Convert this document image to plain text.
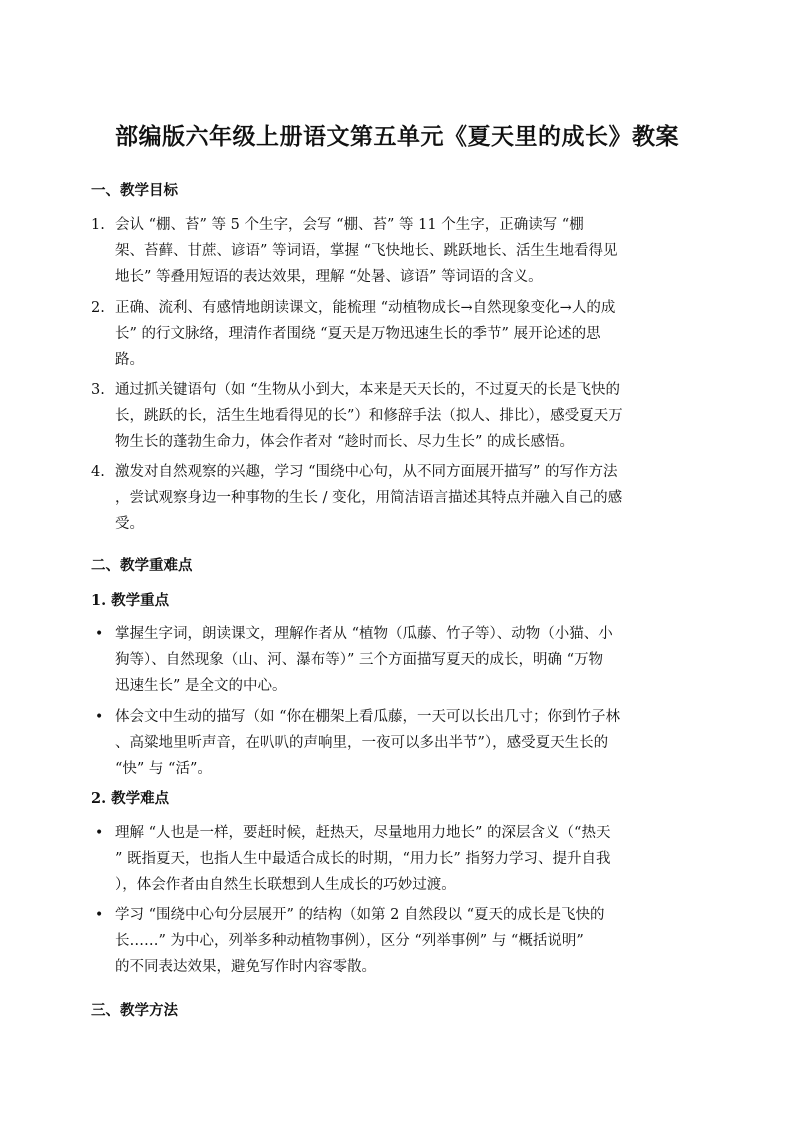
部编版六年级上册语文第五单元《夏天里的成长》教案
一、教学目标
1. 会认 “棚、苔” 等 5 个生字，会写 “棚、苔” 等 11 个生字，正确读写 “棚
架、苔藓、甘蔗、谚语” 等词语，掌握 “飞快地长、跳跃地长、活生生地看得见
地长” 等叠用短语的表达效果，理解 “处暑、谚语” 等词语的含义。
2. 正确、流利、有感情地朗读课文，能梳理 “动植物成长→自然现象变化→人的成
长” 的行文脉络，理清作者围绕 “夏天是万物迅速生长的季节” 展开论述的思
路。
3. 通过抓关键语句（如 “生物从小到大，本来是天天长的，不过夏天的长是飞快的
长，跳跃的长，活生生地看得见的长”）和修辞手法（拟人、排比），感受夏天万
物生长的蓬勃生命力，体会作者对 “趁时而长、尽力生长” 的成长感悟。
4. 激发对自然观察的兴趣，学习 “围绕中心句，从不同方面展开描写” 的写作方法
，尝试观察身边一种事物的生长 / 变化，用简洁语言描述其特点并融入自己的感
受。
二、教学重难点
1. 教学重点
• 掌握生字词，朗读课文，理解作者从 “植物（瓜藤、竹子等）、动物（小猫、小
狗等）、自然现象（山、河、瀑布等）” 三个方面描写夏天的成长，明确 “万物
迅速生长” 是全文的中心。
• 体会文中生动的描写（如 “你在棚架上看瓜藤，一天可以长出几寸；你到竹子林
、高粱地里听声音，在叭叭的声响里，一夜可以多出半节”），感受夏天生长的
“快” 与 “活”。
2. 教学难点
• 理解 “人也是一样，要赶时候，赶热天，尽量地用力地长” 的深层含义（“热天
” 既指夏天，也指人生中最适合成长的时期，“用力长” 指努力学习、提升自我
），体会作者由自然生长联想到人生成长的巧妙过渡。
• 学习 “围绕中心句分层展开” 的结构（如第 2 自然段以 “夏天的成长是飞快的
长……” 为中心，列举多种动植物事例），区分 “列举事例” 与 “概括说明”
的不同表达效果，避免写作时内容零散。
三、教学方法
